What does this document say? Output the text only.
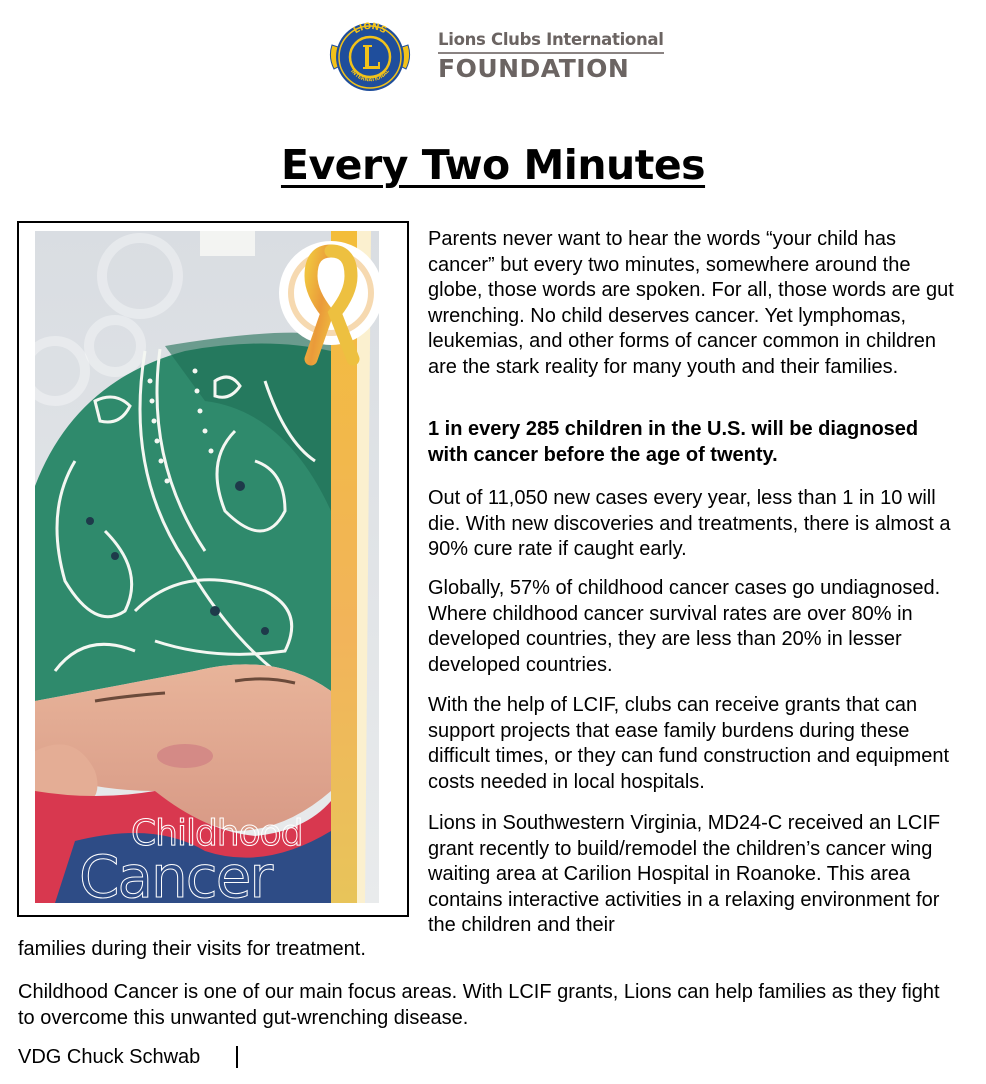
LIONS
INTERNATIONAL
Lions Clubs International
FOUNDATION
Every Two Minutes
Childhood
Cancer
Parents never want to hear the words “your child has cancer” but every two minutes, somewhere around the globe, those words are spoken. For all, those words are gut wrenching. No child deserves cancer. Yet lymphomas, leukemias, and other forms of cancer common in children are the stark reality for many youth and their families.
1 in every 285 children in the U.S. will be diagnosed with cancer before the age of twenty.
Out of 11,050 new cases every year, less than 1 in 10 will die. With new discoveries and treatments, there is almost a 90% cure rate if caught early.
Globally, 57% of childhood cancer cases go undiagnosed. Where childhood cancer survival rates are over 80% in developed countries, they are less than 20% in lesser developed countries.
With the help of LCIF, clubs can receive grants that can support projects that ease family burdens during these difficult times, or they can fund construction and equipment costs needed in local hospitals.
Lions in Southwestern Virginia, MD24-C received an LCIF grant recently to build/remodel the children’s cancer wing waiting area at Carilion Hospital in Roanoke. This area contains interactive activities in a relaxing environment for the children and their
families during their visits for treatment.
Childhood Cancer is one of our main focus areas. With LCIF grants, Lions can help families as they fight to overcome this unwanted gut-wrenching disease.
VDG Chuck Schwab
